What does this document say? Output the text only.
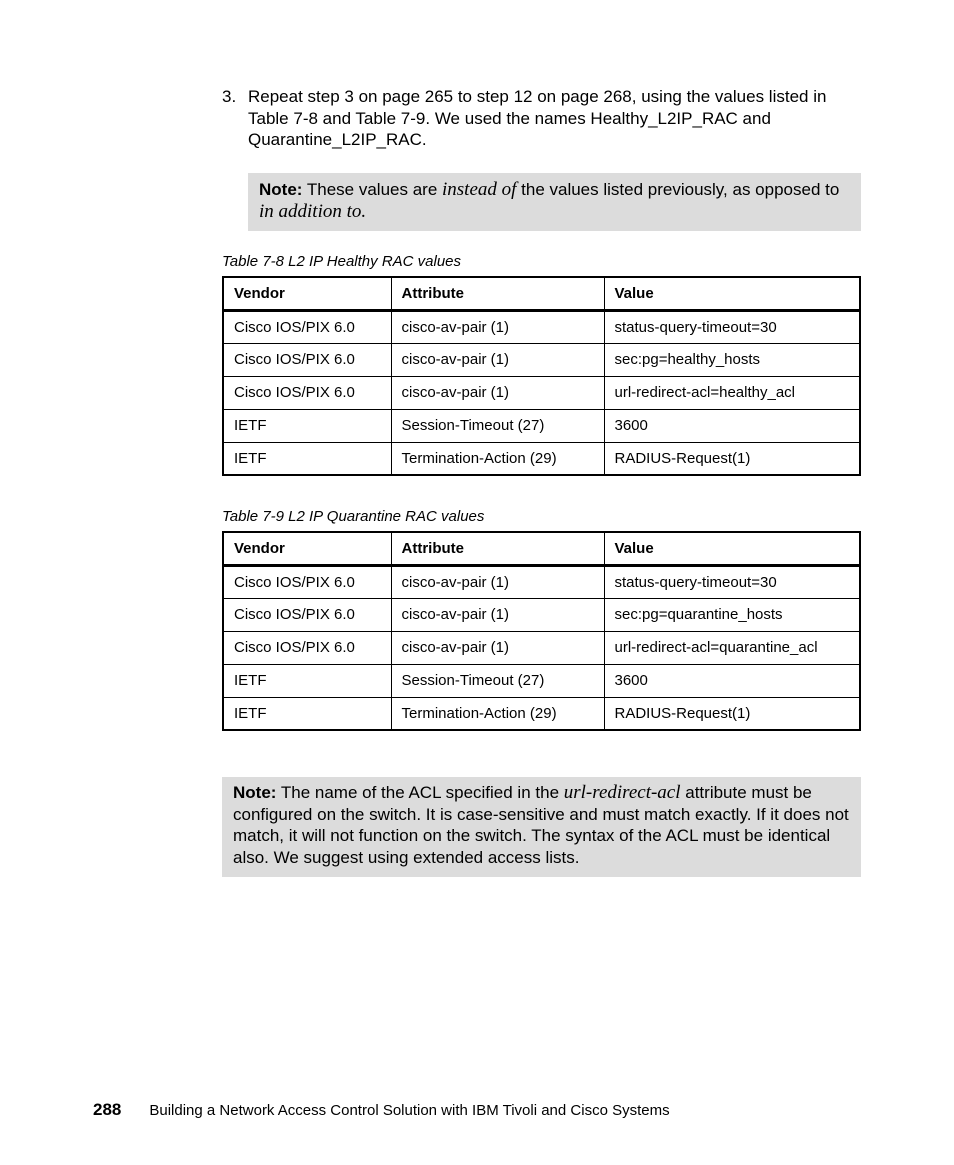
3. Repeat step 3 on page 265 to step 12 on page 268, using the values listed in Table 7-8 and Table 7-9. We used the names Healthy_L2IP_RAC and Quarantine_L2IP_RAC.
Note: These values are instead of the values listed previously, as opposed to in addition to.
Table 7-8 L2 IP Healthy RAC values
Vendor	Attribute	Value
Cisco IOS/PIX 6.0	cisco-av-pair (1)	status-query-timeout=30
Cisco IOS/PIX 6.0	cisco-av-pair (1)	sec:pg=healthy_hosts
Cisco IOS/PIX 6.0	cisco-av-pair (1)	url-redirect-acl=healthy_acl
IETF	Session-Timeout (27)	3600
IETF	Termination-Action (29)	RADIUS-Request(1)
Table 7-9 L2 IP Quarantine RAC values
Vendor	Attribute	Value
Cisco IOS/PIX 6.0	cisco-av-pair (1)	status-query-timeout=30
Cisco IOS/PIX 6.0	cisco-av-pair (1)	sec:pg=quarantine_hosts
Cisco IOS/PIX 6.0	cisco-av-pair (1)	url-redirect-acl=quarantine_acl
IETF	Session-Timeout (27)	3600
IETF	Termination-Action (29)	RADIUS-Request(1)
Note: The name of the ACL specified in the url-redirect-acl attribute must be configured on the switch. It is case-sensitive and must match exactly. If it does not match, it will not function on the switch. The syntax of the ACL must be identical also. We suggest using extended access lists.
288 Building a Network Access Control Solution with IBM Tivoli and Cisco Systems
